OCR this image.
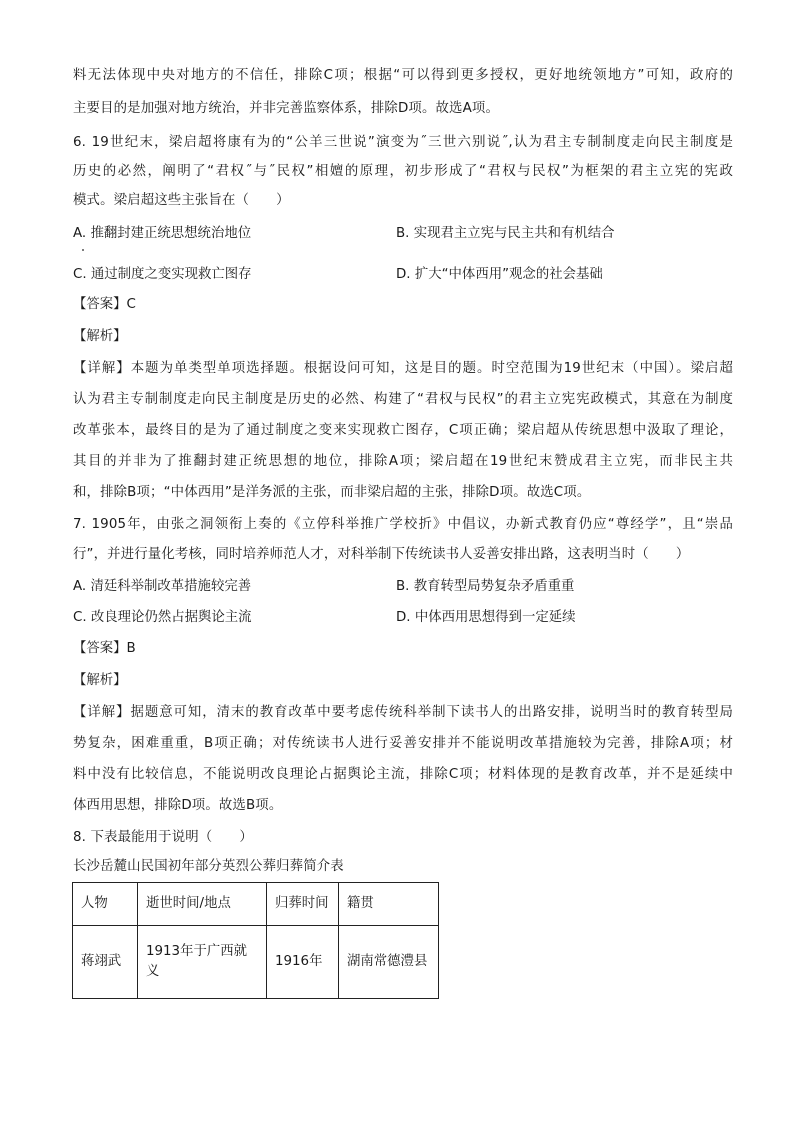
料无法体现中央对地方的不信任，排除C项；根据“可以得到更多授权，更好地统领地方”可知，政府的
主要目的是加强对地方统治，并非完善监察体系，排除D项。故选A项。
6. 19世纪末，梁启超将康有为的“公羊三世说”演变为˝三世六别说˝,认为君主专制制度走向民主制度是
历史的必然，阐明了“君权˝与˝民权”相嬗的原理，初步形成了“君权与民权”为框架的君主立宪的宪政
模式。梁启超这些主张旨在（　　）
A. 推翻封建正统思想统治地位	B. 实现君主立宪与民主共和有机结合
C. 通过制度之变实现救亡图存	D. 扩大“中体西用”观念的社会基础
【答案】C
【解析】
【详解】本题为单类型单项选择题。根据设问可知，这是目的题。时空范围为19世纪末（中国）。梁启超
认为君主专制制度走向民主制度是历史的必然、构建了“君权与民权”的君主立宪宪政模式，其意在为制度
改革张本，最终目的是为了通过制度之变来实现救亡图存，C项正确；梁启超从传统思想中汲取了理论，
其目的并非为了推翻封建正统思想的地位，排除A项；梁启超在19世纪末赞成君主立宪，而非民主共
和，排除B项；“中体西用”是洋务派的主张，而非梁启超的主张，排除D项。故选C项。
7. 1905年，由张之洞领衔上奏的《立停科举推广学校折》中倡议，办新式教育仍应“尊经学”，且“崇品
行”，并进行量化考核，同时培养师范人才，对科举制下传统读书人妥善安排出路，这表明当时（　　）
A. 清廷科举制改革措施较完善	B. 教育转型局势复杂矛盾重重
C. 改良理论仍然占据舆论主流	D. 中体西用思想得到一定延续
【答案】B
【解析】
【详解】据题意可知，清末的教育改革中要考虑传统科举制下读书人的出路安排，说明当时的教育转型局
势复杂，困难重重，B项正确；对传统读书人进行妥善安排并不能说明改革措施较为完善，排除A项；材
料中没有比较信息，不能说明改良理论占据舆论主流，排除C项；材料体现的是教育改革，并不是延续中
体西用思想，排除D项。故选B项。
8. 下表最能用于说明（　　）
长沙岳麓山民国初年部分英烈公葬归葬简介表
人物	逝世时间/地点	归葬时间	籍贯
蒋翊武	1913年于广西就义	1916年	湖南常德澧县
